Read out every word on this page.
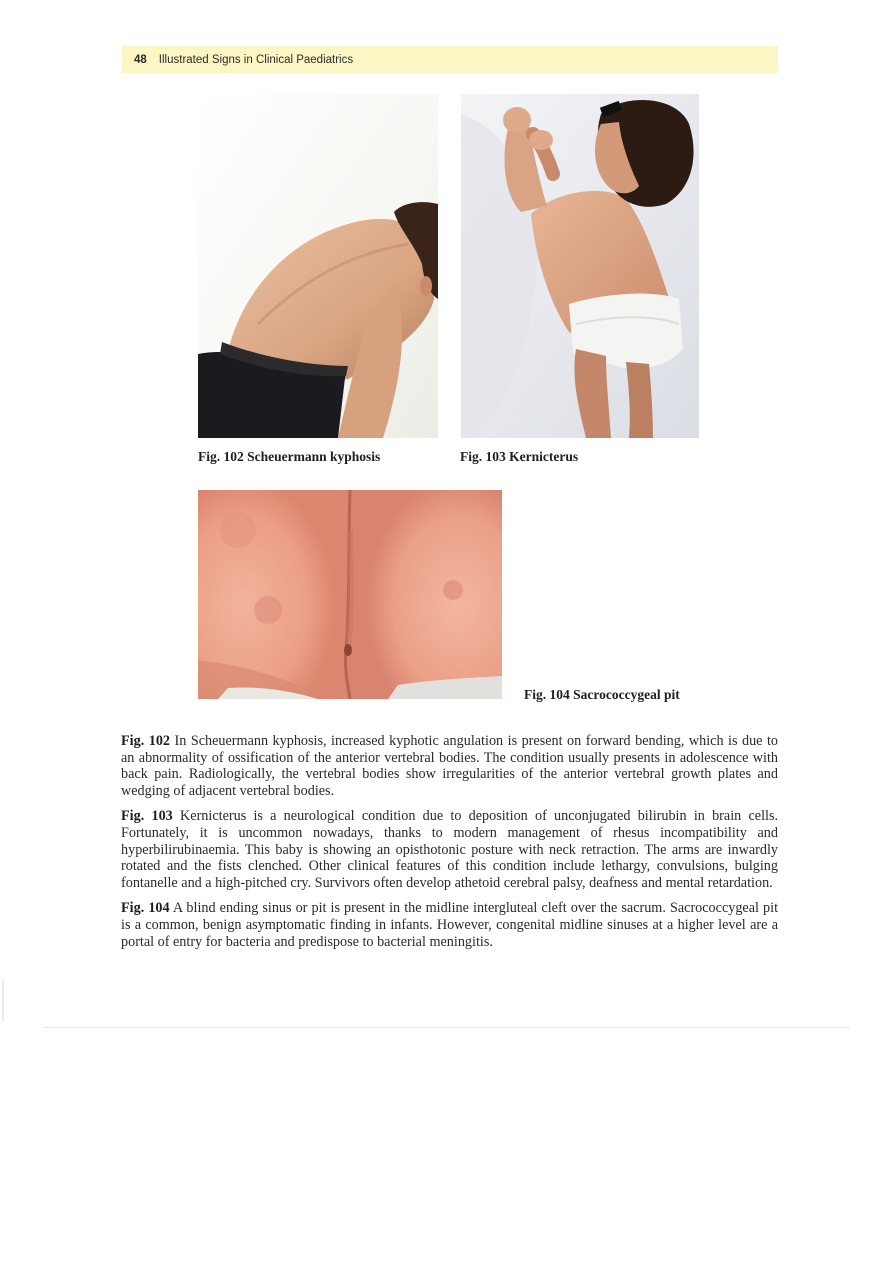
48 Illustrated Signs in Clinical Paediatrics
Fig. 102 Scheuermann kyphosis	Fig. 103 Kernicterus
Fig. 104 Sacrococcygeal pit

Fig. 102 In Scheuermann kyphosis, increased kyphotic angulation is present on forward bending, which is due to an abnormality of ossification of the anterior vertebral bodies. The condition usually presents in adolescence with back pain. Radiologically, the vertebral bodies show irregularities of the anterior vertebral growth plates and wedging of adjacent vertebral bodies.

Fig. 103 Kernicterus is a neurological condition due to deposition of unconjugated bilirubin in brain cells. Fortunately, it is uncommon nowadays, thanks to modern management of rhesus incompatibility and hyperbilirubinaemia. This baby is showing an opisthotonic posture with neck retraction. The arms are inwardly rotated and the fists clenched. Other clinical features of this condition include lethargy, convulsions, bulging fontanelle and a high-pitched cry. Survivors often develop athetoid cerebral palsy, deafness and mental retardation.

Fig. 104 A blind ending sinus or pit is present in the midline intergluteal cleft over the sacrum. Sacrococcygeal pit is a common, benign asymptomatic finding in infants. However, congenital midline sinuses at a higher level are a portal of entry for bacteria and predispose to bacterial meningitis.
